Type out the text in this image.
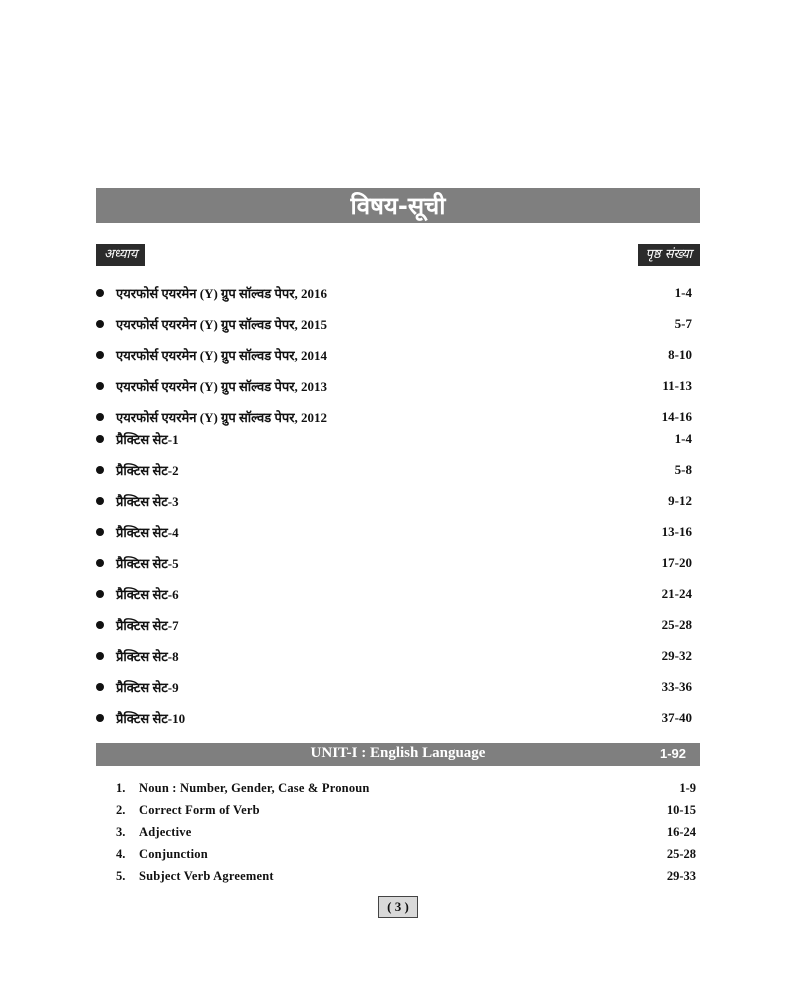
विषय-सूची
अध्याय	पृष्ठ संख्या
एयरफोर्स एयरमेन (Y) ग्रुप सॉल्वड पेपर, 2016	1-4
एयरफोर्स एयरमेन (Y) ग्रुप सॉल्वड पेपर, 2015	5-7
एयरफोर्स एयरमेन (Y) ग्रुप सॉल्वड पेपर, 2014	8-10
एयरफोर्स एयरमेन (Y) ग्रुप सॉल्वड पेपर, 2013	11-13
एयरफोर्स एयरमेन (Y) ग्रुप सॉल्वड पेपर, 2012	14-16
प्रैक्टिस सेट-1	1-4
प्रैक्टिस सेट-2	5-8
प्रैक्टिस सेट-3	9-12
प्रैक्टिस सेट-4	13-16
प्रैक्टिस सेट-5	17-20
प्रैक्टिस सेट-6	21-24
प्रैक्टिस सेट-7	25-28
प्रैक्टिस सेट-8	29-32
प्रैक्टिस सेट-9	33-36
प्रैक्टिस सेट-10	37-40
UNIT-I : English Language	1-92
1.	Noun : Number, Gender, Case & Pronoun	1-9
2.	Correct Form of Verb	10-15
3.	Adjective	16-24
4.	Conjunction	25-28
5.	Subject Verb Agreement	29-33
( 3 )
